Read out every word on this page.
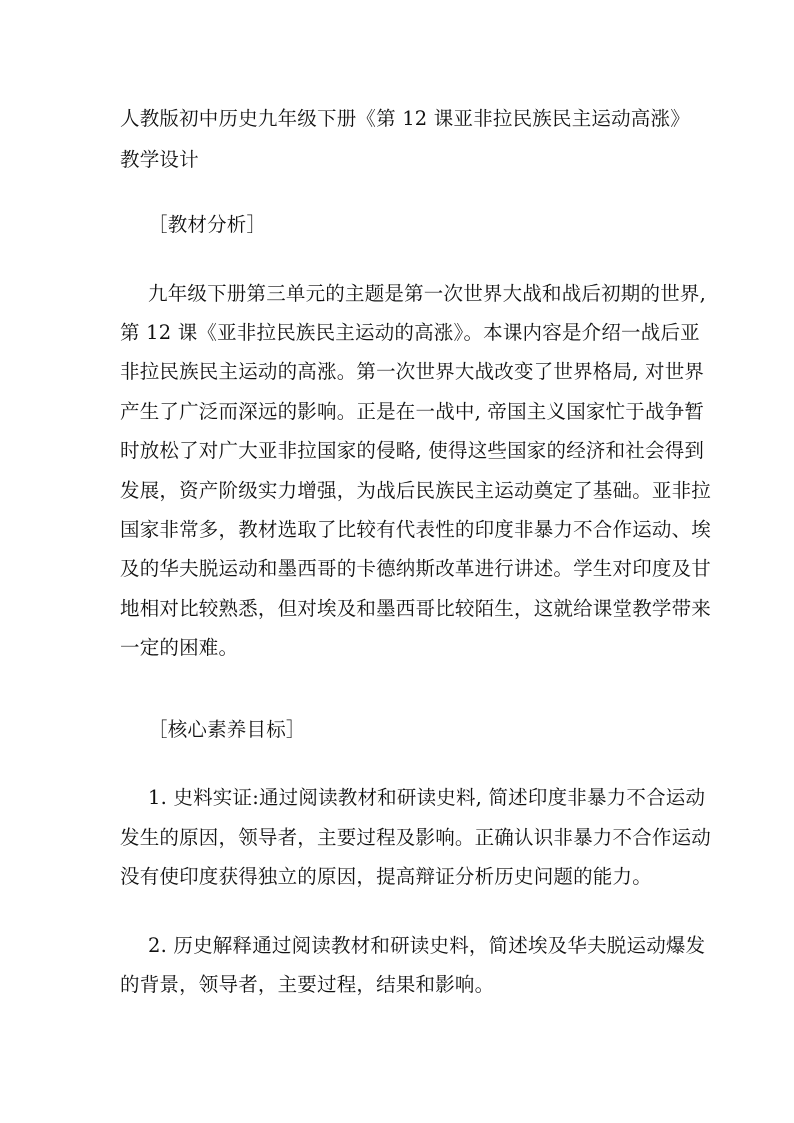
人教版初中历史九年级下册《第 12 课亚非拉民族民主运动高涨》
教学设计
［教材分析］
九年级下册第三单元的主题是第一次世界大战和战后初期的世界,
第 12 课《亚非拉民族民主运动的高涨》。本课内容是介绍一战后亚
非拉民族民主运动的高涨。第一次世界大战改变了世界格局, 对世界
产生了广泛而深远的影响。正是在一战中, 帝国主义国家忙于战争暂
时放松了对广大亚非拉国家的侵略, 使得这些国家的经济和社会得到
发展，资产阶级实力增强，为战后民族民主运动奠定了基础。亚非拉
国家非常多，教材选取了比较有代表性的印度非暴力不合作运动、埃
及的华夫脱运动和墨西哥的卡德纳斯改革进行讲述。学生对印度及甘
地相对比较熟悉，但对埃及和墨西哥比较陌生，这就给课堂教学带来
一定的困难。
［核心素养目标］
1. 史料实证:通过阅读教材和研读史料, 简述印度非暴力不合运动
发生的原因，领导者，主要过程及影响。正确认识非暴力不合作运动
没有使印度获得独立的原因，提高辩证分析历史问题的能力。
2. 历史解释通过阅读教材和研读史料，简述埃及华夫脱运动爆发
的背景，领导者，主要过程，结果和影响。
